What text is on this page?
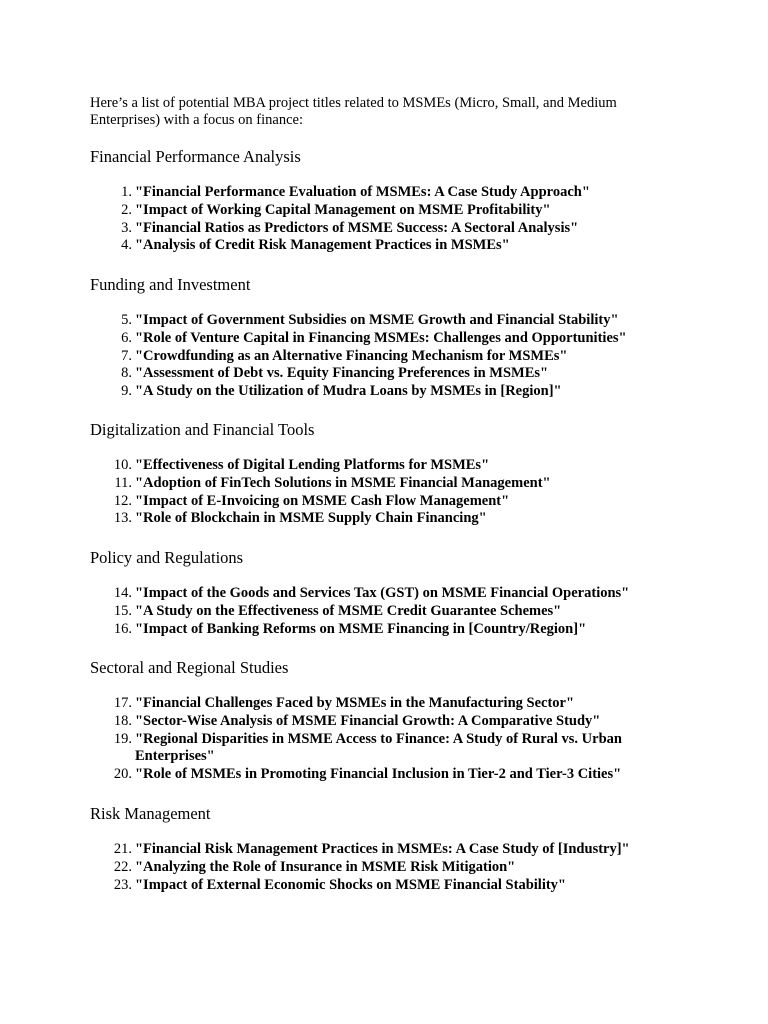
Here’s a list of potential MBA project titles related to MSMEs (Micro, Small, and Medium Enterprises) with a focus on finance:

Financial Performance Analysis
1. "Financial Performance Evaluation of MSMEs: A Case Study Approach"
2. "Impact of Working Capital Management on MSME Profitability"
3. "Financial Ratios as Predictors of MSME Success: A Sectoral Analysis"
4. "Analysis of Credit Risk Management Practices in MSMEs"
Funding and Investment
5. "Impact of Government Subsidies on MSME Growth and Financial Stability"
6. "Role of Venture Capital in Financing MSMEs: Challenges and Opportunities"
7. "Crowdfunding as an Alternative Financing Mechanism for MSMEs"
8. "Assessment of Debt vs. Equity Financing Preferences in MSMEs"
9. "A Study on the Utilization of Mudra Loans by MSMEs in [Region]"
Digitalization and Financial Tools
10. "Effectiveness of Digital Lending Platforms for MSMEs"
11. "Adoption of FinTech Solutions in MSME Financial Management"
12. "Impact of E-Invoicing on MSME Cash Flow Management"
13. "Role of Blockchain in MSME Supply Chain Financing"
Policy and Regulations
14. "Impact of the Goods and Services Tax (GST) on MSME Financial Operations"
15. "A Study on the Effectiveness of MSME Credit Guarantee Schemes"
16. "Impact of Banking Reforms on MSME Financing in [Country/Region]"
Sectoral and Regional Studies
17. "Financial Challenges Faced by MSMEs in the Manufacturing Sector"
18. "Sector-Wise Analysis of MSME Financial Growth: A Comparative Study"
19. "Regional Disparities in MSME Access to Finance: A Study of Rural vs. Urban Enterprises"
20. "Role of MSMEs in Promoting Financial Inclusion in Tier-2 and Tier-3 Cities"
Risk Management
21. "Financial Risk Management Practices in MSMEs: A Case Study of [Industry]"
22. "Analyzing the Role of Insurance in MSME Risk Mitigation"
23. "Impact of External Economic Shocks on MSME Financial Stability"
